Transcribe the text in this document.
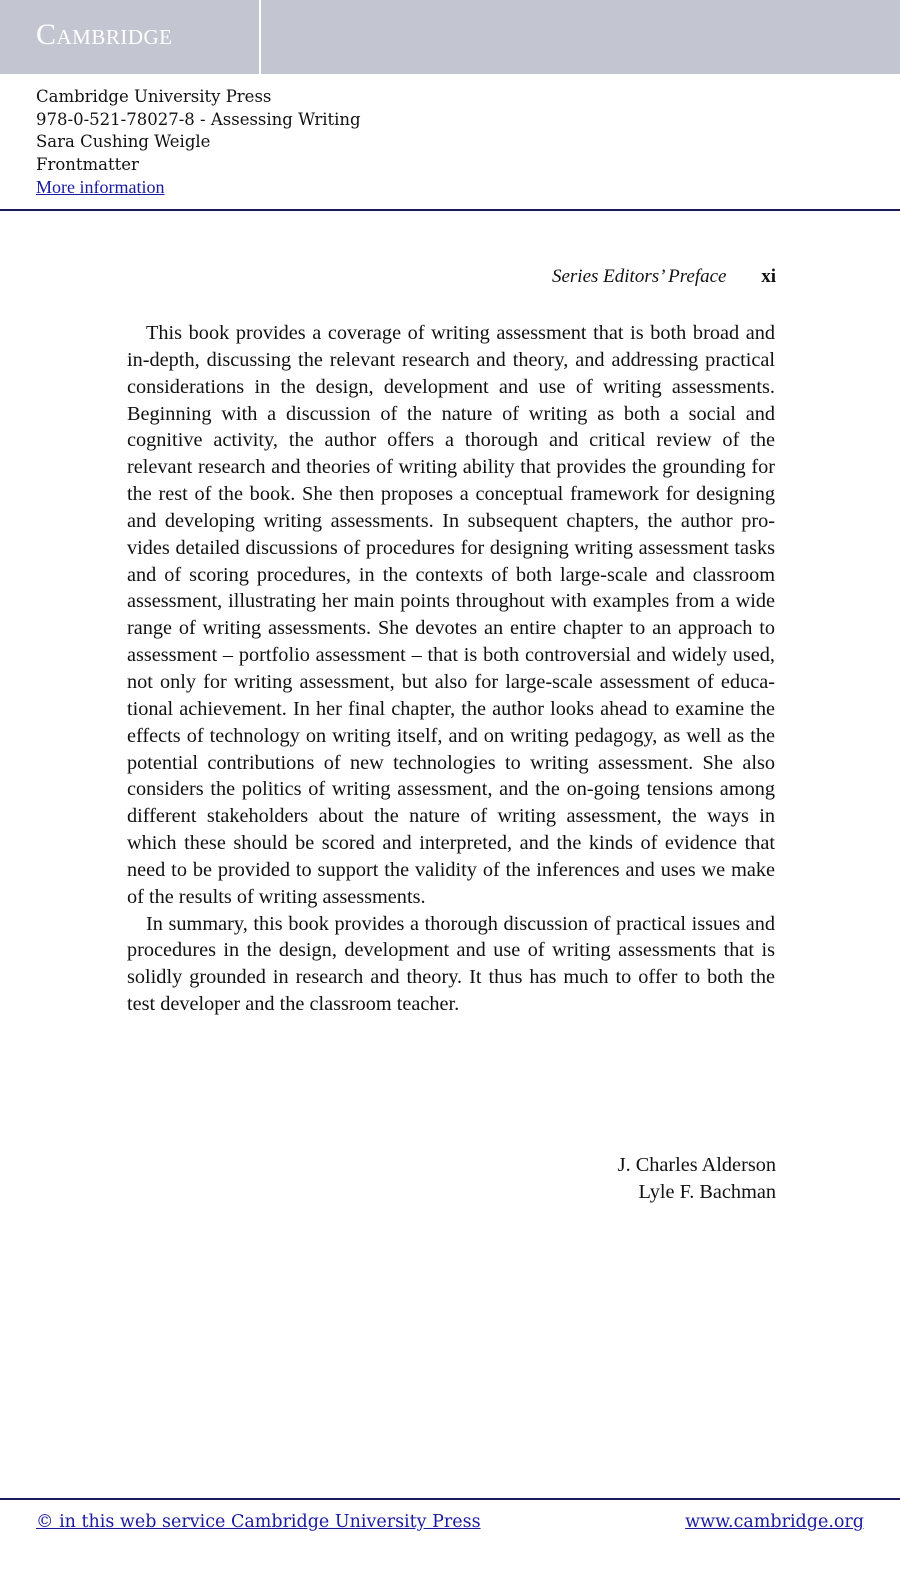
Cambridge
Cambridge University Press
978-0-521-78027-8 - Assessing Writing
Sara Cushing Weigle
Frontmatter
More information
Series Editors’ Preface xi

This book provides a coverage of writing assessment that is both broad and in-depth, discussing the relevant research and theory, and addressing practical considerations in the design, development and use of writing assessments. Beginning with a discussion of the nature of writing as both a social and cognitive activity, the author offers a thorough and critical review of the relevant research and theories of writing ability that provides the grounding for the rest of the book. She then proposes a conceptual framework for designing and developing writing assessments. In subsequent chapters, the author provides detailed discussions of procedures for designing writing assessment tasks and of scoring procedures, in the contexts of both large-scale and classroom assessment, illustrating her main points throughout with examples from a wide range of writing assessments. She devotes an entire chapter to an approach to assessment – portfolio assessment – that is both controversial and widely used, not only for writing assessment, but also for large-scale assessment of educational achievement. In her final chapter, the author looks ahead to examine the effects of technology on writing itself, and on writing pedagogy, as well as the potential contributions of new technologies to writing assessment. She also considers the politics of writing assessment, and the on-going tensions among different stakeholders about the nature of writing assessment, the ways in which these should be scored and interpreted, and the kinds of evidence that need to be provided to support the validity of the inferences and uses we make of the results of writing assessments.

In summary, this book provides a thorough discussion of practical issues and procedures in the design, development and use of writing assessments that is solidly grounded in research and theory. It thus has much to offer to both the test developer and the classroom teacher.

J. Charles Alderson
Lyle F. Bachman
© in this web service Cambridge University Press	www.cambridge.org
